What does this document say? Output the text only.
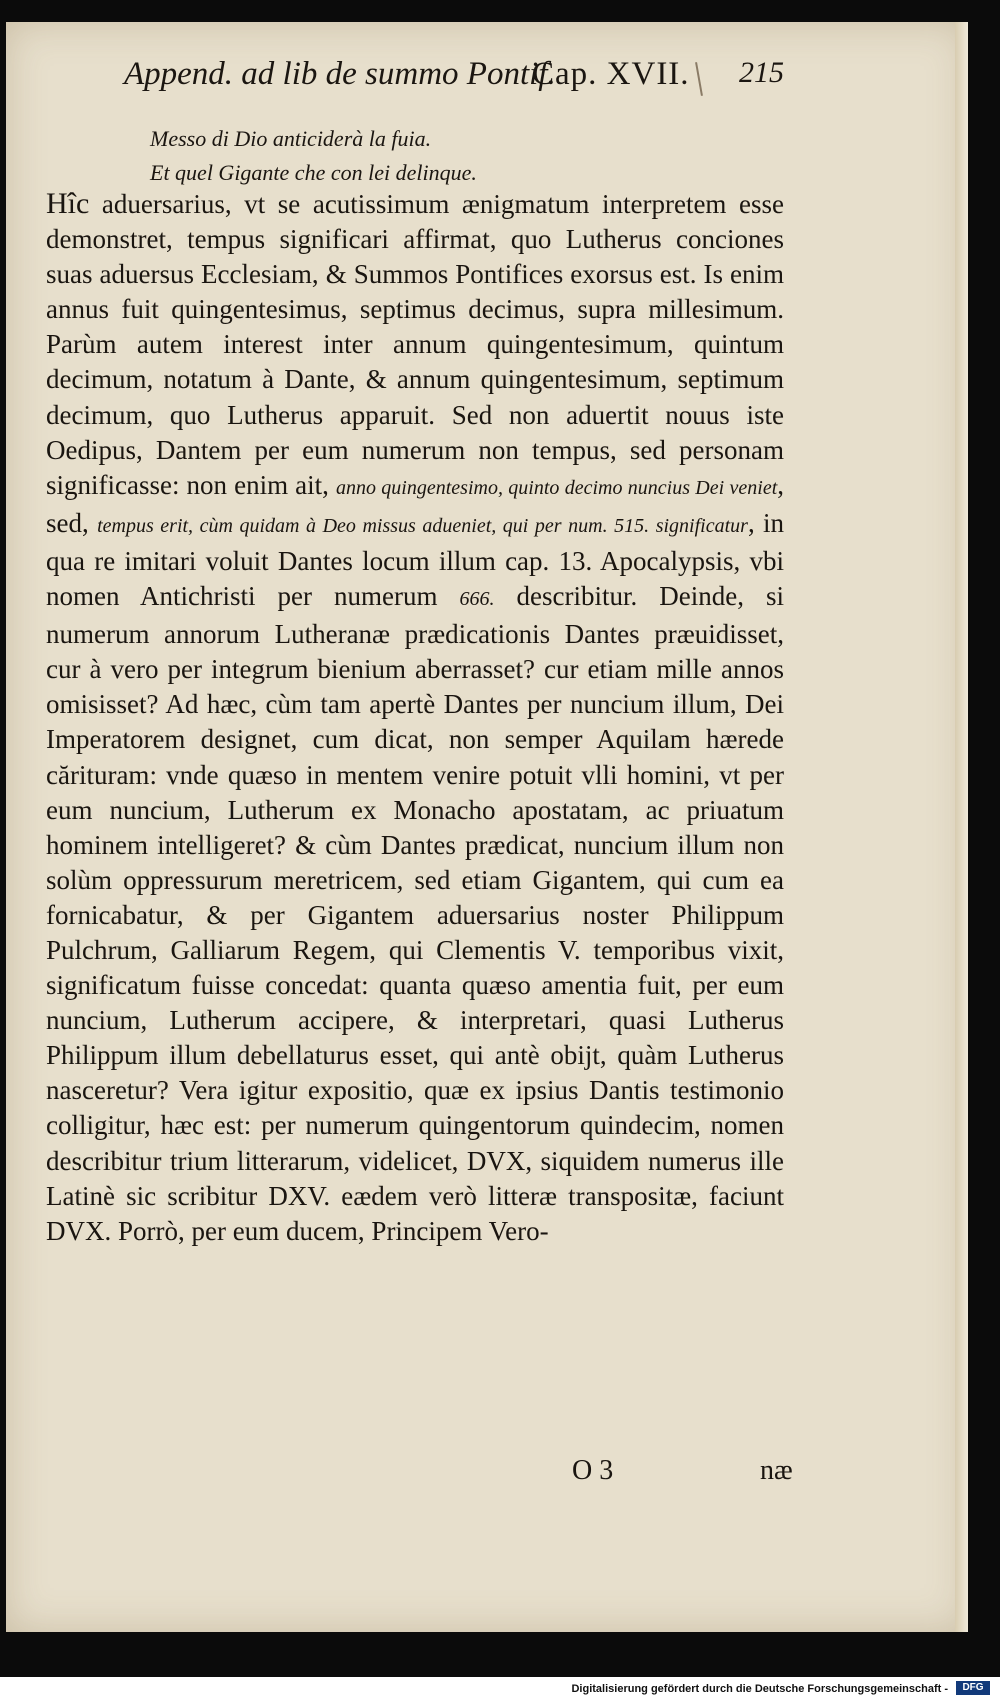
Append. ad lib de summo Pontif.
Cap. XVII. 215
Messo di Dio anticiderà la fuia.
Et quel Gigante che con lei delinque.
Hîc aduersarius, vt se acutissimum ænigmatum interpretem esse demonstret, tempus significari affirmat, quo Lutherus conciones suas aduersus Ecclesiam, & Summos Pontifices exorsus est. Is enim annus fuit quingentesimus, septimus decimus, supra millesimum. Parùm autem interest inter annum quingentesimum, quintum decimum, notatum à Dante, & annum quingentesimum, septimum decimum, quo Lutherus apparuit. Sed non aduertit nouus iste Oedipus, Dantem per eum numerum non tempus, sed personam significasse: non enim ait, anno quingentesimo, quinto decimo nuncius Dei veniet, sed, tempus erit, cùm quidam à Deo missus adueniet, qui per num. 515. significatur, in qua re imitari voluit Dantes locum illum cap. 13. Apocalypsis, vbi nomen Antichristi per numerum 666. describitur. Deinde, si numerum annorum Lutheranæ prædicationis Dantes præuidisset, cur à vero per integrum bienium aberrasset? cur etiam mille annos omisisset? Ad hæc, cùm tam apertè Dantes per nuncium illum, Dei Imperatorem designet, cum dicat, non semper Aquilam hærede cărituram: vnde quæso in mentem venire potuit vlli homini, vt per eum nuncium, Lutherum ex Monacho apostatam, ac priuatum hominem intelligeret? & cùm Dantes prædicat, nuncium illum non solùm oppressurum meretricem, sed etiam Gigantem, qui cum ea fornicabatur, & per Gigantem aduersarius noster Philippum Pulchrum, Galliarum Regem, qui Clementis V. temporibus vixit, significatum fuisse concedat: quanta quæso amentia fuit, per eum nuncium, Lutherum accipere, & interpretari, quasi Lutherus Philippum illum debellaturus esset, qui antè obijt, quàm Lutherus nasceretur? Vera igitur expositio, quæ ex ipsius Dantis testimonio colligitur, hæc est: per numerum quingentorum quindecim, nomen describitur trium litterarum, videlicet, DVX, siquidem numerus ille Latinè sic scribitur DXV. eædem verò litteræ transpositæ, faciunt DVX. Porrò, per eum ducem, Principem Vero-
O 3	næ
Digitalisierung gefördert durch die Deutsche Forschungsgemeinschaft -	DFG
